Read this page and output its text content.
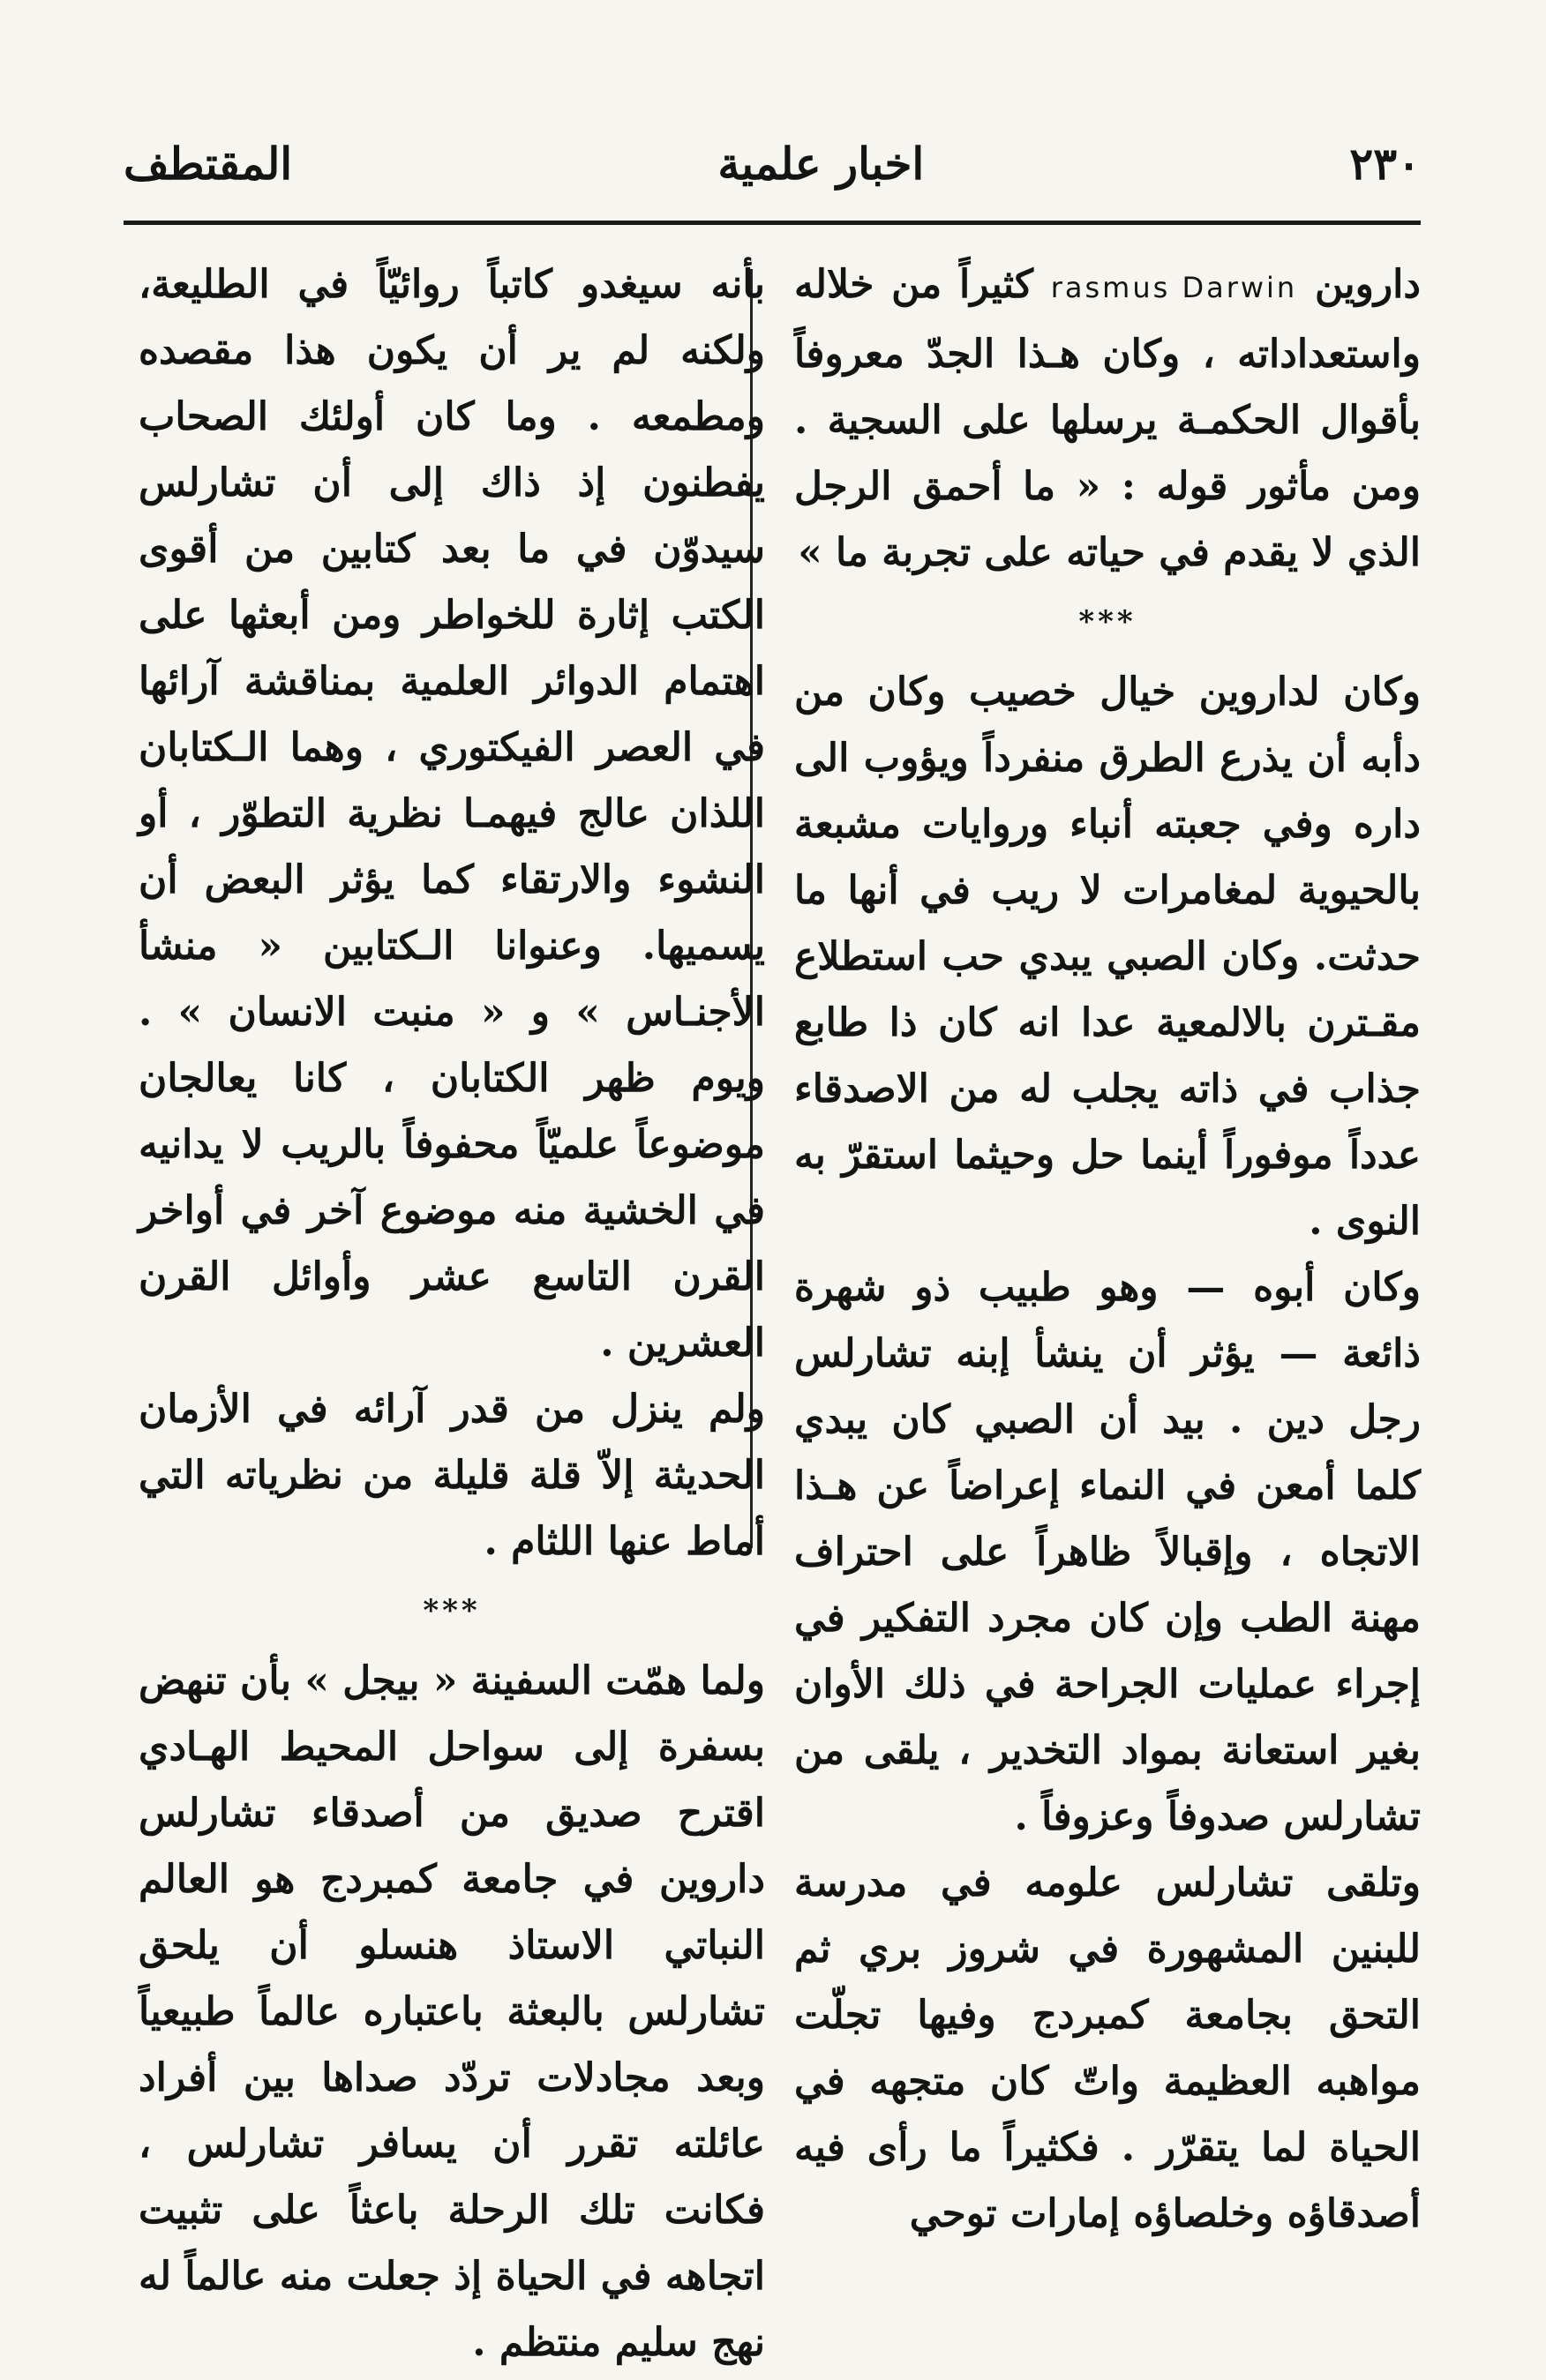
٢٣٠
اخبار علمية
المقتطف

داروين rasmus Darwin كثيراً من خلاله واستعداداته ، وكان هـذا الجدّ معروفاً بأقوال الحكمـة يرسلها على السجية . ومن مأثور قوله : « ما أحمق الرجل الذي لا يقدم في حياته على تجربة ما »

***

وكان لداروين خيال خصيب وكان من دأبه أن يذرع الطرق منفرداً ويؤوب الى داره وفي جعبته أنباء وروايات مشبعة بالحيوية لمغامرات لا ريب في أنها ما حدثت. وكان الصبي يبدي حب استطلاع مقـترن بالالمعية عدا انه كان ذا طابع جذاب في ذاته يجلب له من الاصدقاء عدداً موفوراً أينما حل وحيثما استقرّ به النوى .

وكان أبوه — وهو طبيب ذو شهرة ذائعة — يؤثر أن ينشأ إبنه تشارلس رجل دين . بيد أن الصبي كان يبدي كلما أمعن في النماء إعراضاً عن هـذا الاتجاه ، وإقبالاً ظاهراً على احتراف مهنة الطب وإن كان مجرد التفكير في إجراء عمليات الجراحة في ذلك الأوان بغير استعانة بمواد التخدير ، يلقى من تشارلس صدوفاً وعزوفاً .

وتلقى تشارلس علومه في مدرسة للبنين المشهورة في شروز بري ثم التحق بجامعة كمبردج وفيها تجلّت مواهبه العظيمة واتّ كان متجهه في الحياة لما يتقرّر . فكثيراً ما رأى فيه أصدقاؤه وخلصاؤه إمارات توحي

بأنه سيغدو كاتباً روائيّاً في الطليعة، ولكنه لم ير أن يكون هذا مقصده ومطمعه . وما كان أولئك الصحاب يفطنون إذ ذاك إلى أن تشارلس سيدوّن في ما بعد كتابين من أقوى الكتب إثارة للخواطر ومن أبعثها على اهتمام الدوائر العلمية بمناقشة آرائها في العصر الفيكتوري ، وهما الـكتابان اللذان عالج فيهمـا نظرية التطوّر ، أو النشوء والارتقاء كما يؤثر البعض أن يسميها. وعنوانا الـكتابين « منشأ الأجنـاس » و « منبت الانسان » . ويوم ظهر الكتابان ، كانا يعالجان موضوعاً علميّاً محفوفاً بالريب لا يدانيه في الخشية منه موضوع آخر في أواخر القرن التاسع عشر وأوائل القرن العشرين .

ولم ينزل من قدر آرائه في الأزمان الحديثة إلاّ قلة قليلة من نظرياته التي أماط عنها اللثام .

***

ولما همّت السفينة « بيجل » بأن تنهض بسفرة إلى سواحل المحيط الهـادي اقترح صديق من أصدقاء تشارلس داروين في جامعة كمبردج هو العالم النباتي الاستاذ هنسلو أن يلحق تشارلس بالبعثة باعتباره عالماً طبيعياً وبعد مجادلات تردّد صداها بين أفراد عائلته تقرر أن يسافر تشارلس ، فكانت تلك الرحلة باعثاً على تثبيت اتجاهه في الحياة إذ جعلت منه عالماً له نهج سليم منتظم .
